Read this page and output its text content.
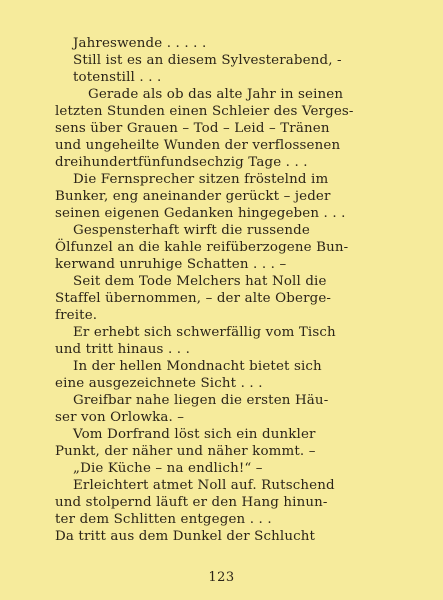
Jahreswende . . . . .
Still ist es an diesem Sylvesterabend, -
totenstill . . .
Gerade als ob das alte Jahr in seinen
letzten Stunden einen Schleier des Verges-
sens über Grauen – Tod – Leid – Tränen
und ungeheilte Wunden der verflossenen
dreihundertfünfundsechzig Tage . . .
Die Fernsprecher sitzen fröstelnd im
Bunker, eng aneinander gerückt – jeder
seinen eigenen Gedanken hingegeben . . .
Gespensterhaft wirft die russende
Ölfunzel an die kahle reifüberzogene Bun-
kerwand unruhige Schatten . . . –
Seit dem Tode Melchers hat Noll die
Staffel übernommen, – der alte Oberge-
freite.
Er erhebt sich schwerfällig vom Tisch
und tritt hinaus . . .
In der hellen Mondnacht bietet sich
eine ausgezeichnete Sicht . . .
Greifbar nahe liegen die ersten Häu-
ser von Orlowka. –
Vom Dorfrand löst sich ein dunkler
Punkt, der näher und näher kommt. –
„Die Küche – na endlich!“ –
Erleichtert atmet Noll auf. Rutschend
und stolpernd läuft er den Hang hinun-
ter dem Schlitten entgegen . . .
Da tritt aus dem Dunkel der Schlucht
123
